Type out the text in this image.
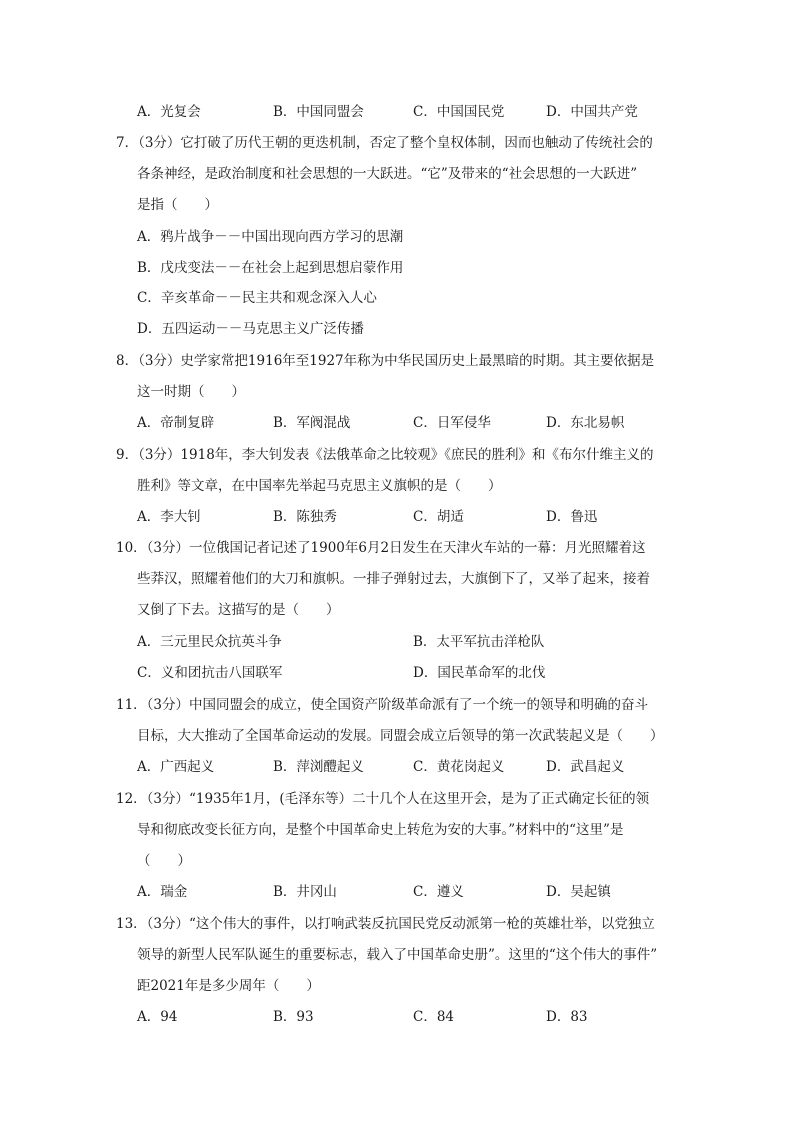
A．光复会	B．中国同盟会	C．中国国民党	D．中国共产党
7．（3分）它打破了历代王朝的更迭机制，否定了整个皇权体制，因而也触动了传统社会的
各条神经，是政治制度和社会思想的一大跃进。“它”及带来的“社会思想的一大跃进”
是指（　　）
A．鸦片战争－－中国出现向西方学习的思潮
B．戊戌变法－－在社会上起到思想启蒙作用
C．辛亥革命－－民主共和观念深入人心
D．五四运动－－马克思主义广泛传播
8．（3分）史学家常把1916年至1927年称为中华民国历史上最黑暗的时期。其主要依据是
这一时期（　　）
A．帝制复辟	B．军阀混战	C．日军侵华	D．东北易帜
9．（3分）1918年，李大钊发表《法俄革命之比较观》《庶民的胜利》和《布尔什维主义的
胜利》等文章，在中国率先举起马克思主义旗帜的是（　　）
A．李大钊	B．陈独秀	C．胡适	D．鲁迅
10．（3分）一位俄国记者记述了1900年6月2日发生在天津火车站的一幕：月光照耀着这
些莽汉，照耀着他们的大刀和旗帜。一排子弹射过去，大旗倒下了，又举了起来，接着
又倒了下去。这描写的是（　　）
A．三元里民众抗英斗争	B．太平军抗击洋枪队
C．义和团抗击八国联军	D．国民革命军的北伐
11．（3分）中国同盟会的成立，使全国资产阶级革命派有了一个统一的领导和明确的奋斗
目标，大大推动了全国革命运动的发展。同盟会成立后领导的第一次武装起义是（　　）
A．广西起义	B．萍浏醴起义	C．黄花岗起义	D．武昌起义
12．（3分）“1935年1月，(毛泽东等）二十几个人在这里开会，是为了正式确定长征的领
导和彻底改变长征方向，是整个中国革命史上转危为安的大事。”材料中的“这里”是
（　　）
A．瑞金	B．井冈山	C．遵义	D．吴起镇
13．（3分）“这个伟大的事件，以打响武装反抗国民党反动派第一枪的英雄壮举，以党独立
领导的新型人民军队诞生的重要标志，载入了中国革命史册”。这里的“这个伟大的事件”
距2021年是多少周年（　　）
A．94	B．93	C．84	D．83
